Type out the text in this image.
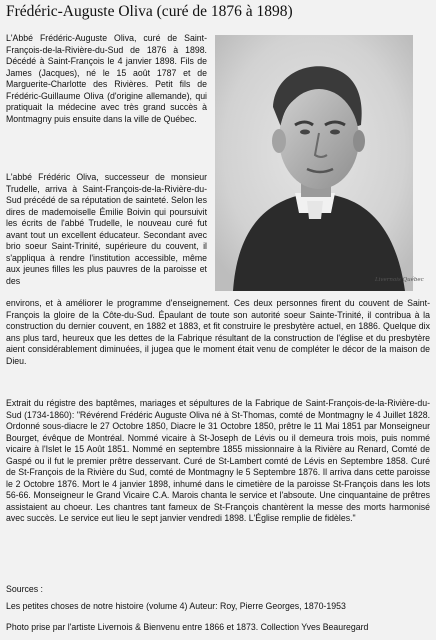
Frédéric-Auguste Oliva (curé de 1876 à 1898)

L'Abbé Frédéric-Auguste Oliva, curé de Saint-François-de-la-Rivière-du-Sud de 1876 à 1898. Décédé à Saint-François le 4 janvier 1898. Fils de James (Jacques), né le 15 août 1787 et de Marguerite-Charlotte des Rivières. Petit fils de Frédéric-Guillaume Oliva (d'origine allemande), qui pratiquait la médecine avec très grand succès à Montmagny puis ensuite dans la ville de Québec.

Livernois Québec

L'abbé Frédéric Oliva, successeur de monsieur Trudelle, arriva à Saint-François-de-la-Rivière-du-Sud précédé de sa réputation de sainteté. Selon les dires de mademoiselle Émilie Boivin qui poursuivit les écrits de l'abbé Trudelle, le nouveau curé fut avant tout un excellent éducateur. Secondant avec brio soeur Saint-Trinité, supérieure du couvent, il s'appliqua à rendre l'institution accessible, même aux jeunes filles les plus pauvres de la paroisse et des

environs, et à améliorer le programme d'enseignement. Ces deux personnes firent du couvent de Saint-François la gloire de la Côte-du-Sud. Épaulant de toute son autorité soeur Sainte-Trinité, il contribua à la construction du dernier couvent, en 1882 et 1883, et fit construire le presbytère actuel, en 1886. Quelque dix ans plus tard, heureux que les dettes de la Fabrique résultant de la construction de l'église et du presbytère aient considérablement diminuées, il jugea que le moment était venu de compléter le décor de la maison de Dieu.

Extrait du régistre des baptêmes, mariages et sépultures de la Fabrique de Saint-François-de-la-Rivière-du-Sud (1734-1860): "Révérend Frédéric Auguste Oliva né à St-Thomas, comté de Montmagny le 4 Juillet 1828. Ordonné sous-diacre le 27 Octobre 1850, Diacre le 31 Octobre 1850, prêtre le 11 Mai 1851 par Monseigneur Bourget, évêque de Montréal. Nommé vicaire à St-Joseph de Lévis ou il demeura trois mois, puis nommé vicaire à l'Islet le 15 Août 1851. Nommé en septembre 1855 missionnaire à la Rivière au Renard, Comté de Gaspé ou il fut le premier prêtre desservant. Curé de St-Lambert comté de Lévis en Septembre 1858. Curé de St-François de la Rivière du Sud, comté de Montmagny le 5 Septembre 1876. Il arriva dans cette paroisse le 2 Octobre 1876. Mort le 4 janvier 1898, inhumé dans le cimetière de la paroisse St-François dans les lots 56-66. Monseigneur le Grand Vicaire C.A. Marois chanta le service et l'absoute. Une cinquantaine de prêtres assistaient au choeur. Les chantres tant fameux de St-François chantèrent la messe des morts harmonisé avec succès. Le service eut lieu le sept janvier vendredi 1898. L'Église remplie de fidèles."

Sources :

Les petites choses de notre histoire (volume 4) Auteur: Roy, Pierre Georges, 1870-1953

Photo prise par l'artiste Livernois & Bienvenu entre 1866 et 1873. Collection Yves Beauregard
